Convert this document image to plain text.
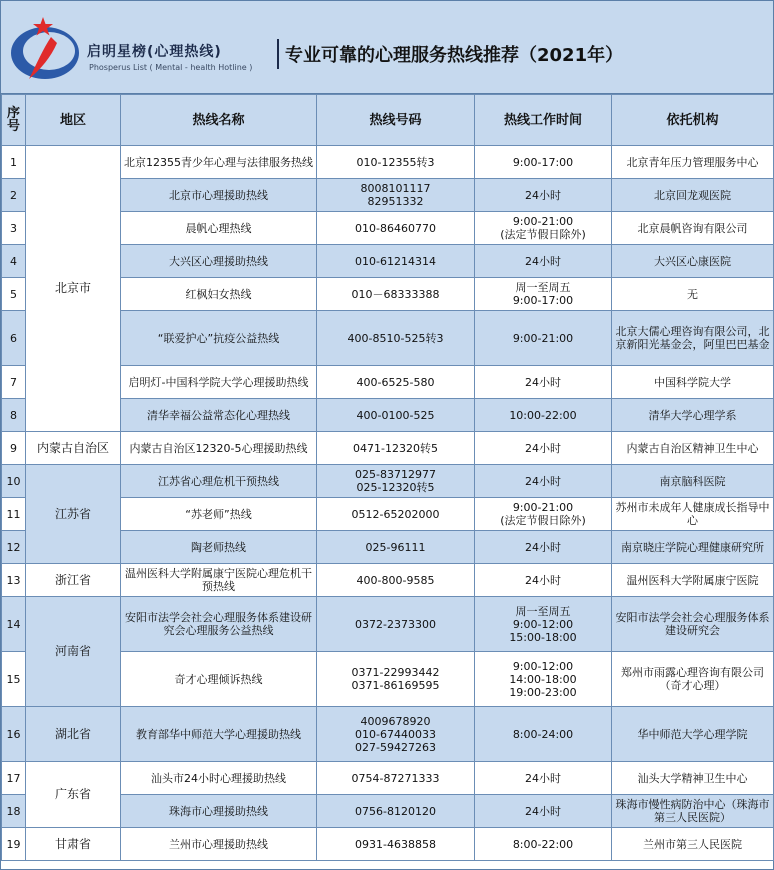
启明星榜(心理热线)
Phosperus List ( Mental - health Hotline )
专业可靠的心理服务热线推荐（2021年）
序号	地区	热线名称	热线号码	热线工作时间	依托机构
1	北京市	北京12355青少年心理与法律服务热线	010-12355转3	9:00-17:00	北京青年压力管理服务中心
2		北京市心理援助热线	8008101117
82951332	24小时	北京回龙观医院
3		晨帆心理热线	010-86460770	9:00-21:00
(法定节假日除外)	北京晨帆咨询有限公司
4		大兴区心理援助热线	010-61214314	24小时	大兴区心康医院
5		红枫妇女热线	010－68333388	周一至周五
9:00-17:00	无
6		“联爱护心”抗疫公益热线	400-8510-525转3	9:00-21:00	北京大儒心理咨询有限公司，北京新阳光基金会，阿里巴巴基金
7		启明灯-中国科学院大学心理援助热线	400-6525-580	24小时	中国科学院大学
8		清华幸福公益常态化心理热线	400-0100-525	10:00-22:00	清华大学心理学系
9	内蒙古自治区	内蒙古自治区12320-5心理援助热线	0471-12320转5	24小时	内蒙古自治区精神卫生中心
10	江苏省	江苏省心理危机干预热线	025-83712977
025-12320转5	24小时	南京脑科医院
11		“苏老师”热线	0512-65202000	9:00-21:00
(法定节假日除外)	苏州市未成年人健康成长指导中心
12		陶老师热线	025-96111	24小时	南京晓庄学院心理健康研究所
13	浙江省	温州医科大学附属康宁医院心理危机干预热线	400-800-9585	24小时	温州医科大学附属康宁医院
14	河南省	安阳市法学会社会心理服务体系建设研究会心理服务公益热线	0372-2373300	周一至周五
9:00-12:00
15:00-18:00	安阳市法学会社会心理服务体系建设研究会
15		奇才心理倾诉热线	0371-22993442
0371-86169595	9:00-12:00
14:00-18:00
19:00-23:00	郑州市雨露心理咨询有限公司（奇才心理）
16	湖北省	教育部华中师范大学心理援助热线	4009678920
010-67440033
027-59427263	8:00-24:00	华中师范大学心理学院
17	广东省	汕头市24小时心理援助热线	0754-87271333	24小时	汕头大学精神卫生中心
18		珠海市心理援助热线	0756-8120120	24小时	珠海市慢性病防治中心（珠海市第三人民医院）
19	甘肃省	兰州市心理援助热线	0931-4638858	8:00-22:00	兰州市第三人民医院
